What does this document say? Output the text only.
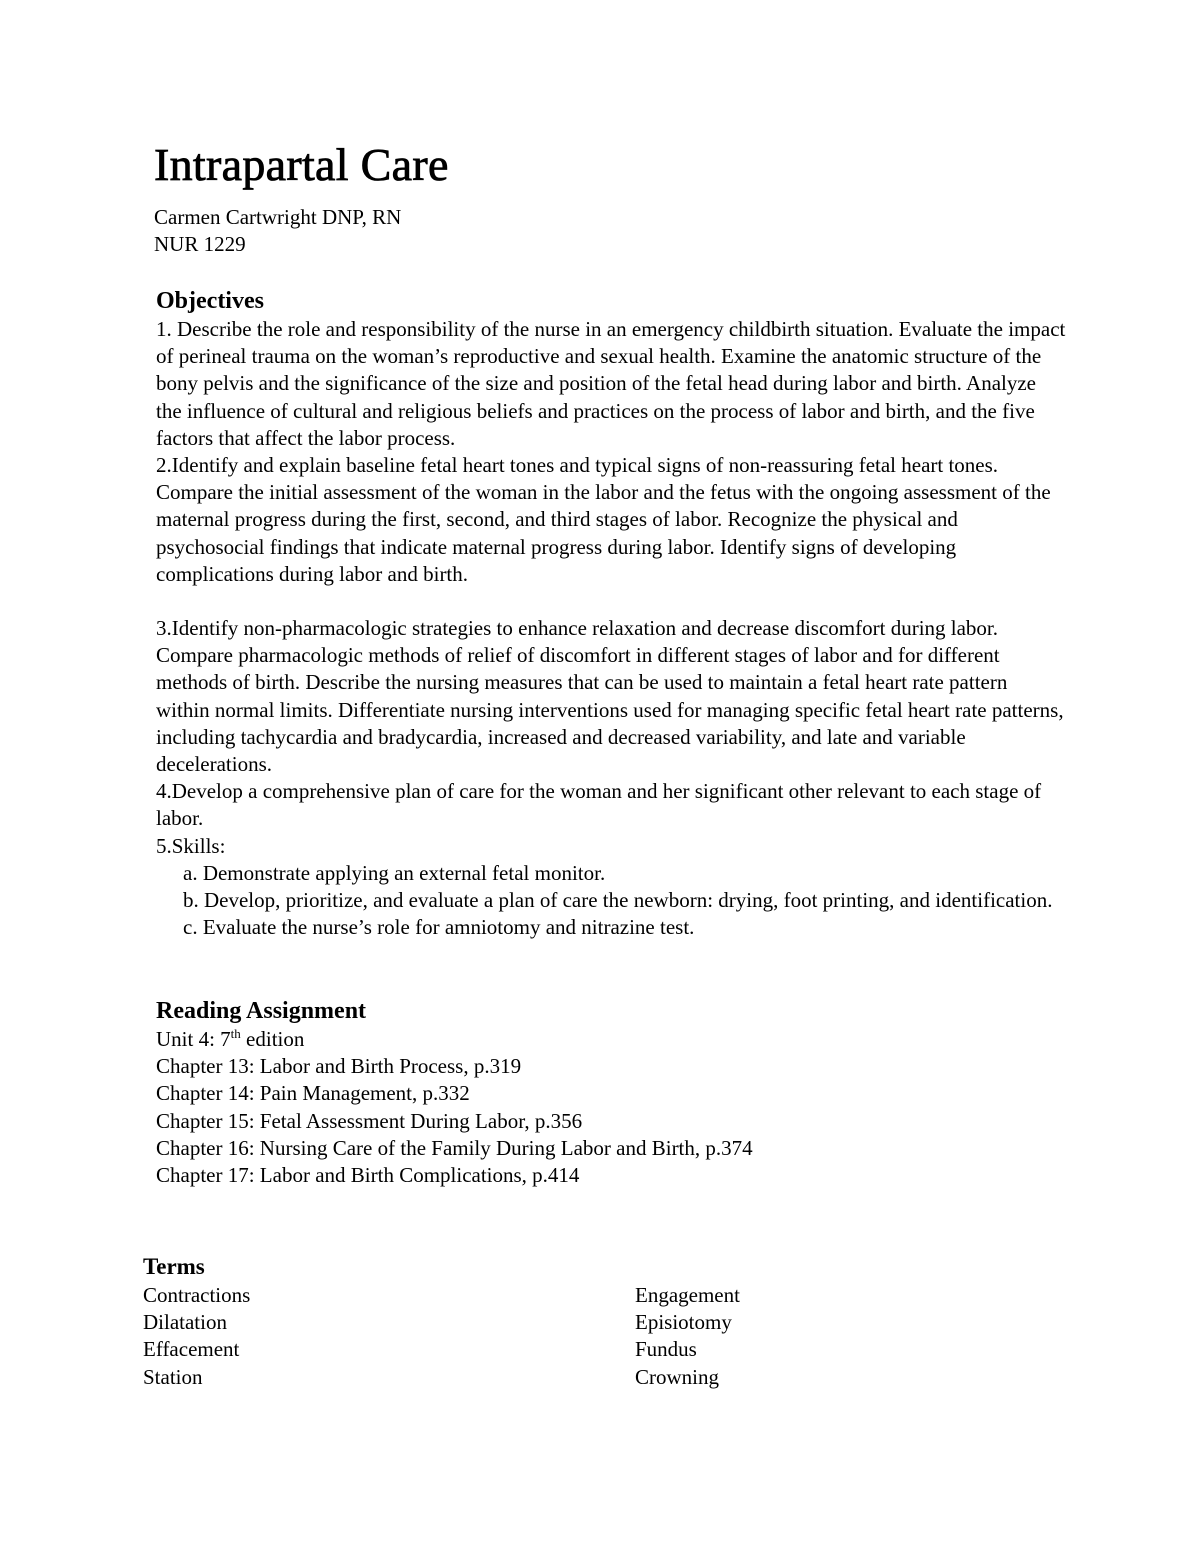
Intrapartal Care
Carmen Cartwright DNP, RN
NUR 1229
Objectives

1. Describe the role and responsibility of the nurse in an emergency childbirth situation. Evaluate the impact of perineal trauma on the woman’s reproductive and sexual health. Examine the anatomic structure of the bony pelvis and the significance of the size and position of the fetal head during labor and birth. Analyze the influence of cultural and religious beliefs and practices on the process of labor and birth, and the five factors that affect the labor process.

2.Identify and explain baseline fetal heart tones and typical signs of non-reassuring fetal heart tones. Compare the initial assessment of the woman in the labor and the fetus with the ongoing assessment of the maternal progress during the first, second, and third stages of labor. Recognize the physical and psychosocial findings that indicate maternal progress during labor. Identify signs of developing complications during labor and birth.

3.Identify non-pharmacologic strategies to enhance relaxation and decrease discomfort during labor. Compare pharmacologic methods of relief of discomfort in different stages of labor and for different methods of birth. Describe the nursing measures that can be used to maintain a fetal heart rate pattern within normal limits. Differentiate nursing interventions used for managing specific fetal heart rate patterns, including tachycardia and bradycardia, increased and decreased variability, and late and variable decelerations.

4.Develop a comprehensive plan of care for the woman and her significant other relevant to each stage of labor.

5.Skills:

a. Demonstrate applying an external fetal monitor.
b. Develop, prioritize, and evaluate a plan of care the newborn: drying, foot printing, and identification.
c. Evaluate the nurse’s role for amniotomy and nitrazine test.
Reading Assignment
Unit 4: 7th edition
Chapter 13: Labor and Birth Process, p.319
Chapter 14: Pain Management, p.332
Chapter 15: Fetal Assessment During Labor, p.356
Chapter 16: Nursing Care of the Family During Labor and Birth, p.374
Chapter 17: Labor and Birth Complications, p.414
Terms
Contractions
Dilatation
Effacement
Station
Engagement
Episiotomy
Fundus
Crowning
